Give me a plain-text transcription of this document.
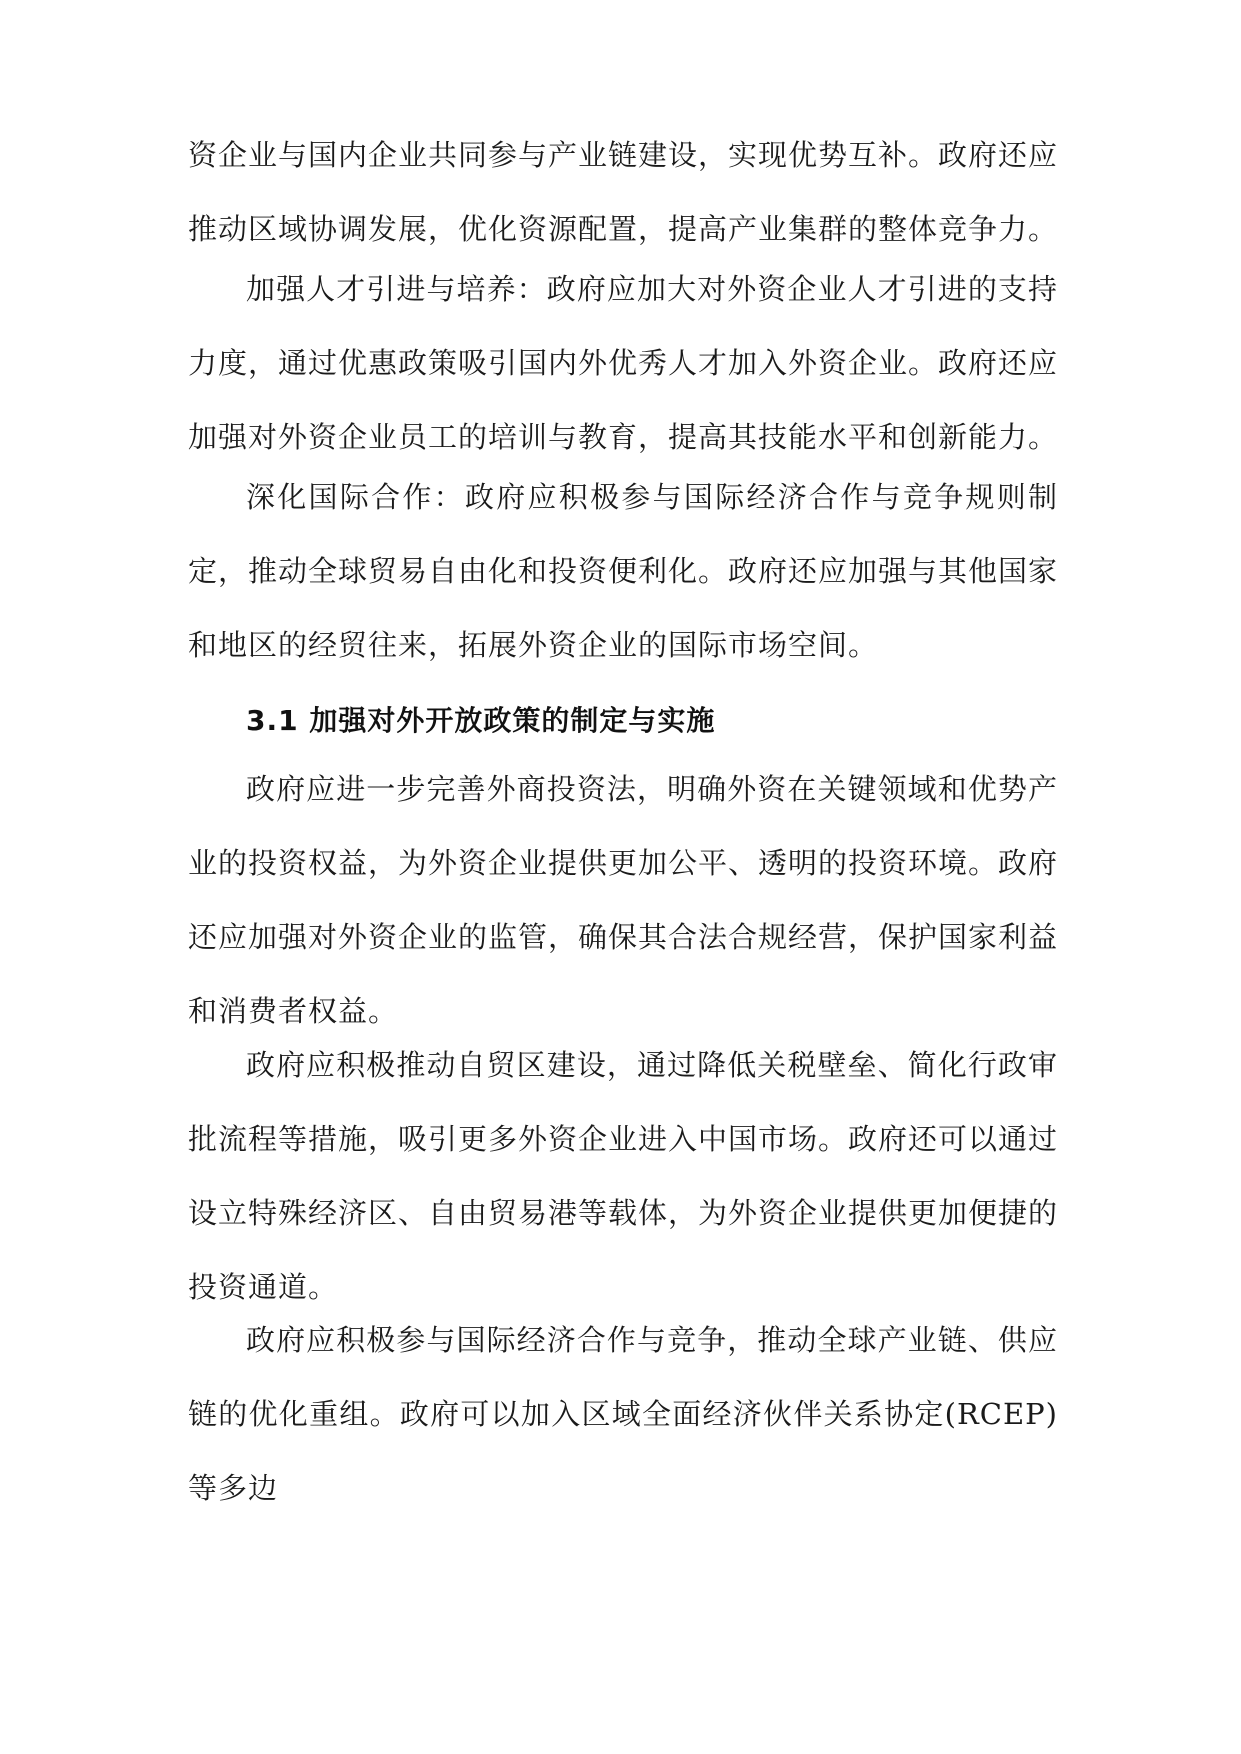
资企业与国内企业共同参与产业链建设，实现优势互补。政府还应推动区域协调发展，优化资源配置，提高产业集群的整体竞争力。

加强人才引进与培养：政府应加大对外资企业人才引进的支持力度，通过优惠政策吸引国内外优秀人才加入外资企业。政府还应加强对外资企业员工的培训与教育，提高其技能水平和创新能力。

深化国际合作：政府应积极参与国际经济合作与竞争规则制定，推动全球贸易自由化和投资便利化。政府还应加强与其他国家和地区的经贸往来，拓展外资企业的国际市场空间。

3.1 加强对外开放政策的制定与实施

政府应进一步完善外商投资法，明确外资在关键领域和优势产业的投资权益，为外资企业提供更加公平、透明的投资环境。政府还应加强对外资企业的监管，确保其合法合规经营，保护国家利益和消费者权益。

政府应积极推动自贸区建设，通过降低关税壁垒、简化行政审批流程等措施，吸引更多外资企业进入中国市场。政府还可以通过设立特殊经济区、自由贸易港等载体，为外资企业提供更加便捷的投资通道。

政府应积极参与国际经济合作与竞争，推动全球产业链、供应链的优化重组。政府可以加入区域全面经济伙伴关系协定(RCEP)等多边
